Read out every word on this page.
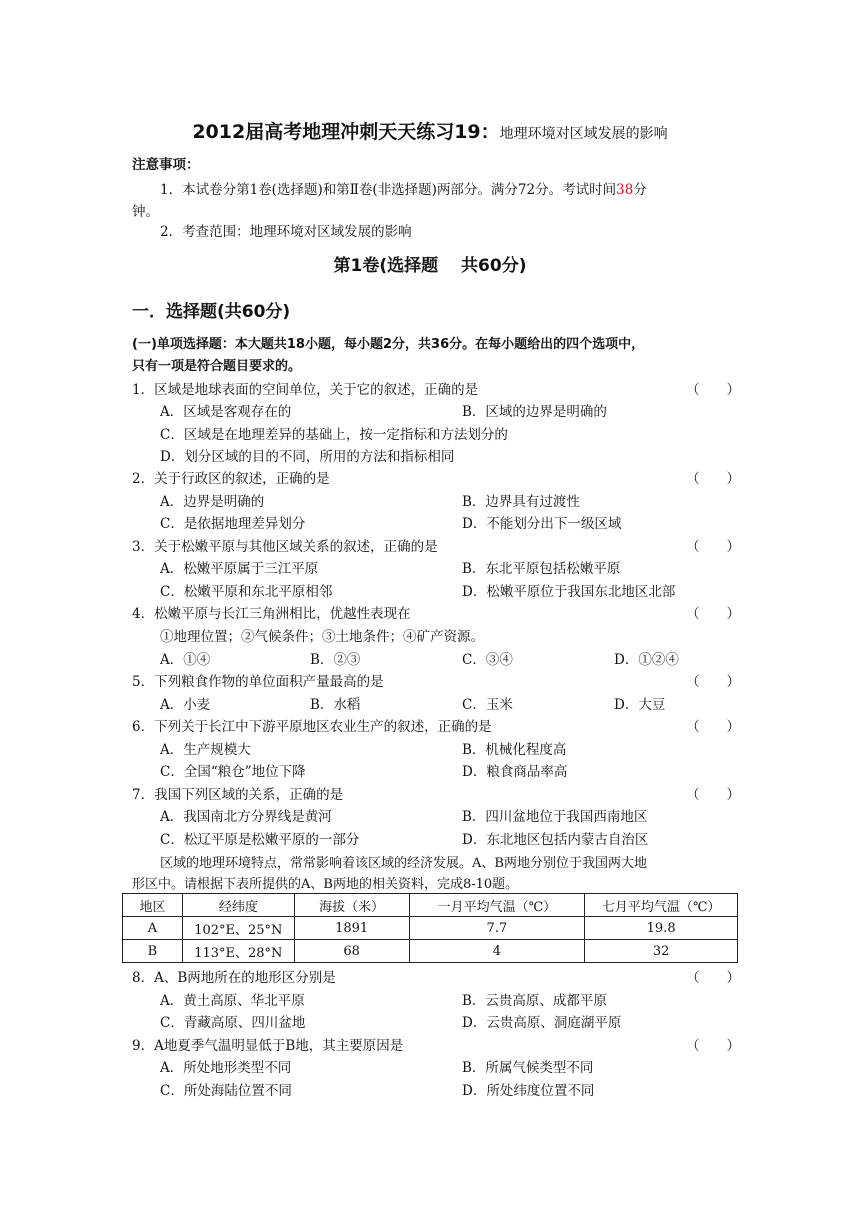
2012届高考地理冲刺天天练习19：地理环境对区域发展的影响
注意事项：
1．本试卷分第1卷(选择题)和第Ⅱ卷(非选择题)两部分。满分72分。考试时间38分
钟。
2．考查范围：地理环境对区域发展的影响
第1卷(选择题　 共60分)
一．选择题(共60分)
(一)单项选择题：本大题共18小题，每小题2分，共36分。在每小题给出的四个选项中，
只有一项是符合题目要求的。
1．区域是地球表面的空间单位，关于它的叙述，正确的是	（　　）
A．区域是客观存在的	B．区域的边界是明确的
C．区域是在地理差异的基础上，按一定指标和方法划分的
D．划分区域的目的不同，所用的方法和指标相同
2．关于行政区的叙述，正确的是	（　　）
A．边界是明确的	B．边界具有过渡性
C．是依据地理差异划分	D．不能划分出下一级区域
3．关于松嫩平原与其他区域关系的叙述，正确的是	（　　）
A．松嫩平原属于三江平原	B．东北平原包括松嫩平原
C．松嫩平原和东北平原相邻	D．松嫩平原位于我国东北地区北部
4．松嫩平原与长江三角洲相比，优越性表现在	（　　）
①地理位置；②气候条件；③土地条件；④矿产资源。
A．①④	B．②③	C．③④	D．①②④
5．下列粮食作物的单位面积产量最高的是	（　　）
A．小麦	B．水稻	C．玉米	D．大豆
6．下列关于长江中下游平原地区农业生产的叙述，正确的是	（　　）
A．生产规模大	B．机械化程度高
C．全国“粮仓”地位下降	D．粮食商品率高
7．我国下列区域的关系，正确的是	（　　）
A．我国南北方分界线是黄河	B．四川盆地位于我国西南地区
C．松辽平原是松嫩平原的一部分	D．东北地区包括内蒙古自治区
区域的地理环境特点，常常影响着该区域的经济发展。A、B两地分别位于我国两大地
形区中。请根据下表所提供的A、B两地的相关资料，完成8-10题。
地区	经纬度	海拔（米）	一月平均气温（℃）	七月平均气温（℃）
A	102°E、25°N	1891	7.7	19.8
B	113°E、28°N	68	4	32
8．A、B两地所在的地形区分别是	（　　）
A．黄土高原、华北平原	B．云贵高原、成都平原
C．青藏高原、四川盆地	D．云贵高原、洞庭湖平原
9．A地夏季气温明显低于B地，其主要原因是	（　　）
A．所处地形类型不同	B．所属气候类型不同
C．所处海陆位置不同	D．所处纬度位置不同
